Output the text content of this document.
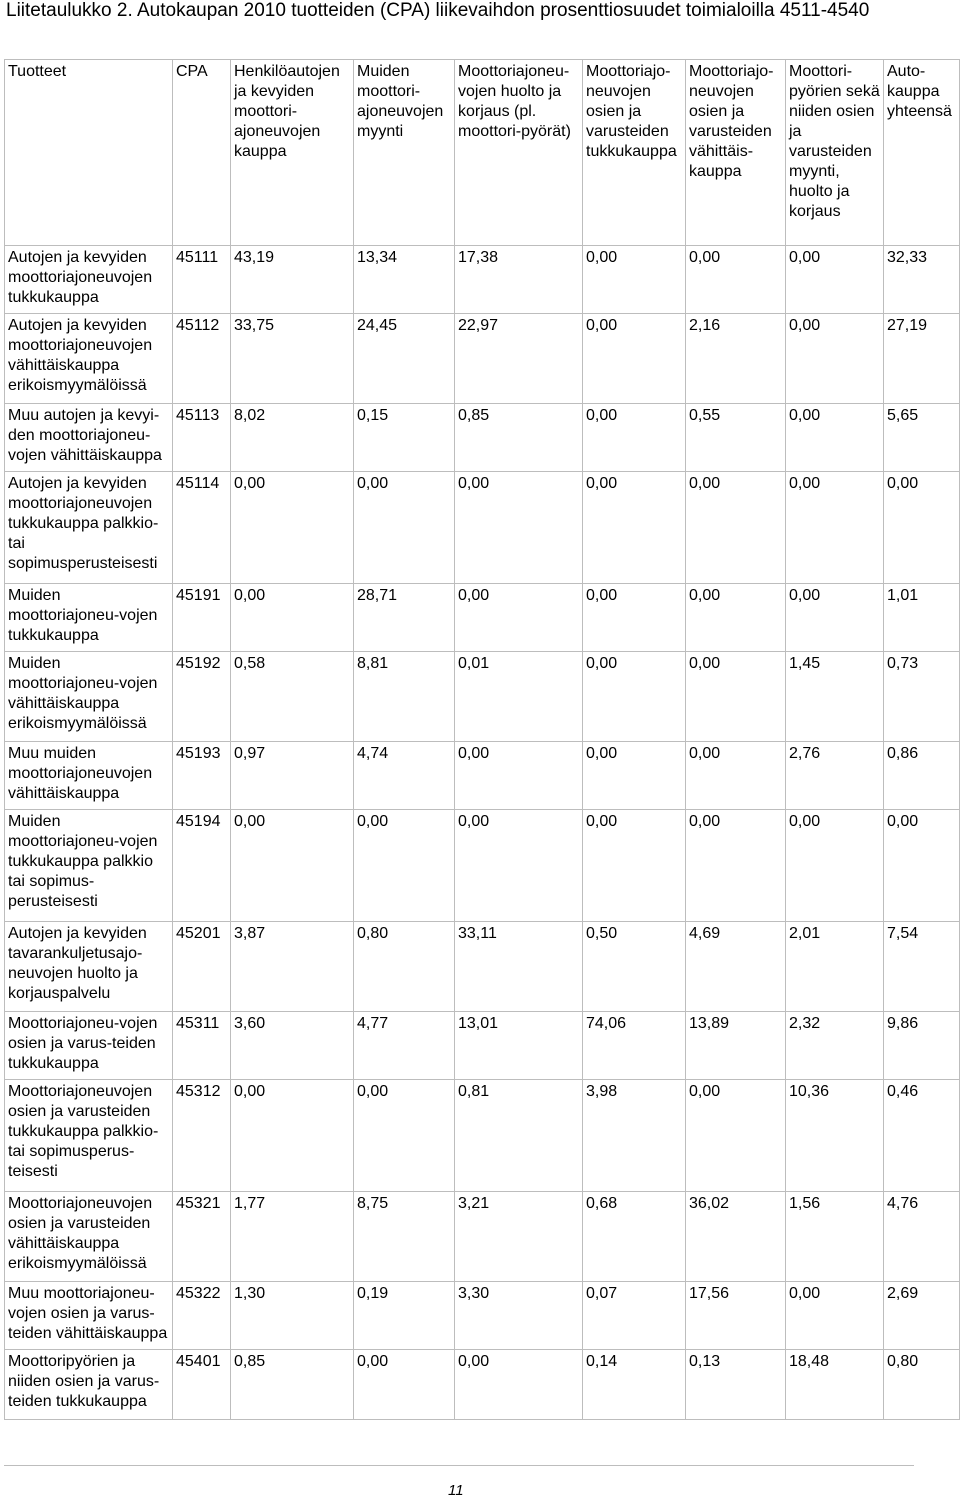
Liitetaulukko 2. Autokaupan 2010 tuotteiden (CPA) liikevaihdon prosenttiosuudet toimialoilla 4511-4540
Tuotteet	CPA	Henkilöautojen ja kevyiden moottori-ajoneuvojen kauppa	Muiden moottori-ajoneuvojen myynti	Moottoriajoneu-vojen huolto ja korjaus (pl. moottori-pyörät)	Moottoriajo-neuvojen osien ja varusteiden tukkukauppa	Moottoriajo-neuvojen osien ja varusteiden vähittäis-kauppa	Moottori-pyörien sekä niiden osien ja varusteiden myynti, huolto ja korjaus	Auto-kauppa yhteensä
Autojen ja kevyiden moottoriajoneuvojen tukkukauppa	45111	43,19	13,34	17,38	0,00	0,00	0,00	32,33
Autojen ja kevyiden moottoriajoneuvojen vähittäiskauppa erikoismyymälöissä	45112	33,75	24,45	22,97	0,00	2,16	0,00	27,19
Muu autojen ja kevyi-den moottoriajoneu-vojen vähittäiskauppa	45113	8,02	0,15	0,85	0,00	0,55	0,00	5,65
Autojen ja kevyiden moottoriajoneuvojen tukkukauppa palkkio-tai sopimusperusteisesti	45114	0,00	0,00	0,00	0,00	0,00	0,00	0,00
Muiden moottoriajoneu-vojen tukkukauppa	45191	0,00	28,71	0,00	0,00	0,00	0,00	1,01
Muiden moottoriajoneu-vojen vähittäiskauppa erikoismyymälöissä	45192	0,58	8,81	0,01	0,00	0,00	1,45	0,73
Muu muiden moottoriajoneuvojen vähittäiskauppa	45193	0,97	4,74	0,00	0,00	0,00	2,76	0,86
Muiden moottoriajoneu-vojen tukkukauppa palkkio tai sopimus-perusteisesti	45194	0,00	0,00	0,00	0,00	0,00	0,00	0,00
Autojen ja kevyiden tavarankuljetusajo-neuvojen huolto ja korjauspalvelu	45201	3,87	0,80	33,11	0,50	4,69	2,01	7,54
Moottoriajoneu-vojen osien ja varus-teiden tukkukauppa	45311	3,60	4,77	13,01	74,06	13,89	2,32	9,86
Moottoriajoneuvojen osien ja varusteiden tukkukauppa palkkio-tai sopimusperus-teisesti	45312	0,00	0,00	0,81	3,98	0,00	10,36	0,46
Moottoriajoneuvojen osien ja varusteiden vähittäiskauppa erikoismyymälöissä	45321	1,77	8,75	3,21	0,68	36,02	1,56	4,76
Muu moottoriajoneu-vojen osien ja varus-teiden vähittäiskauppa	45322	1,30	0,19	3,30	0,07	17,56	0,00	2,69
Moottoripyörien ja niiden osien ja varus-teiden tukkukauppa	45401	0,85	0,00	0,00	0,14	0,13	18,48	0,80
11
